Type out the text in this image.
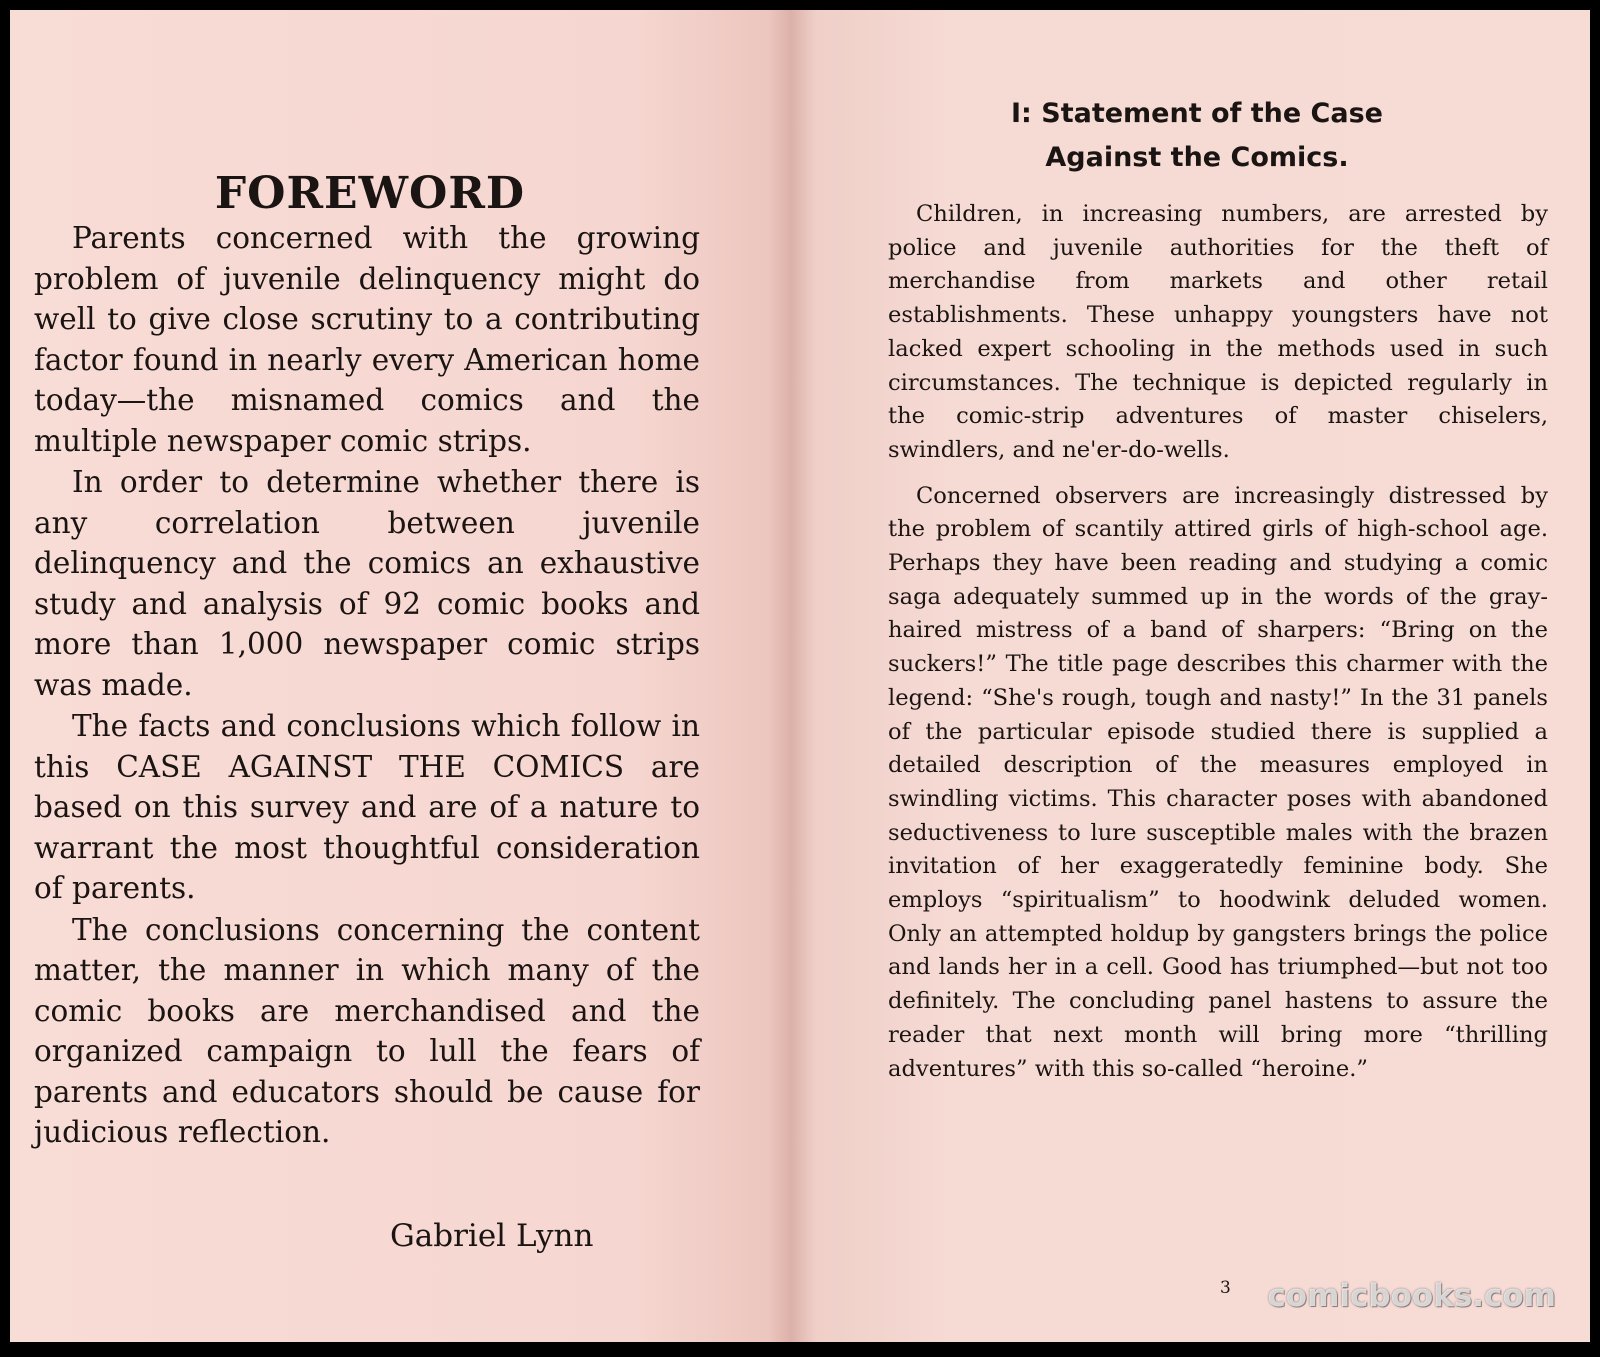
FOREWORD

Parents concerned with the growing problem of juvenile delinquency might do well to give close scrutiny to a contributing factor found in nearly every American home today—the misnamed comics and the multiple newspaper comic strips.

In order to determine whether there is any correlation between juvenile delinquency and the comics an exhaustive study and analysis of 92 comic books and more than 1,000 newspaper comic strips was made.

The facts and conclusions which follow in this CASE AGAINST THE COMICS are based on this survey and are of a nature to warrant the most thoughtful consideration of parents.

The conclusions concerning the content matter, the manner in which many of the comic books are merchandised and the organized campaign to lull the fears of parents and educators should be cause for judicious reflection.

Gabriel Lynn
I: Statement of the Case
Against the Comics.

Children, in increasing numbers, are arrested by police and juvenile authorities for the theft of merchandise from markets and other retail establishments. These unhappy youngsters have not lacked expert schooling in the methods used in such circumstances. The technique is depicted regularly in the comic-strip adventures of master chiselers, swindlers, and ne'er-do-wells.

Concerned observers are increasingly distressed by the problem of scantily attired girls of high-school age. Perhaps they have been reading and studying a comic saga adequately summed up in the words of the gray-haired mistress of a band of sharpers: “Bring on the suckers!” The title page describes this charmer with the legend: “She's rough, tough and nasty!” In the 31 panels of the particular episode studied there is supplied a detailed description of the measures employed in swindling victims. This character poses with abandoned seductiveness to lure susceptible males with the brazen invitation of her exaggeratedly feminine body. She employs “spiritualism” to hoodwink deluded women. Only an attempted holdup by gangsters brings the police and lands her in a cell. Good has triumphed—but not too definitely. The concluding panel hastens to assure the reader that next month will bring more “thrilling adventures” with this so-called “heroine.”

3 comicbooks.com
